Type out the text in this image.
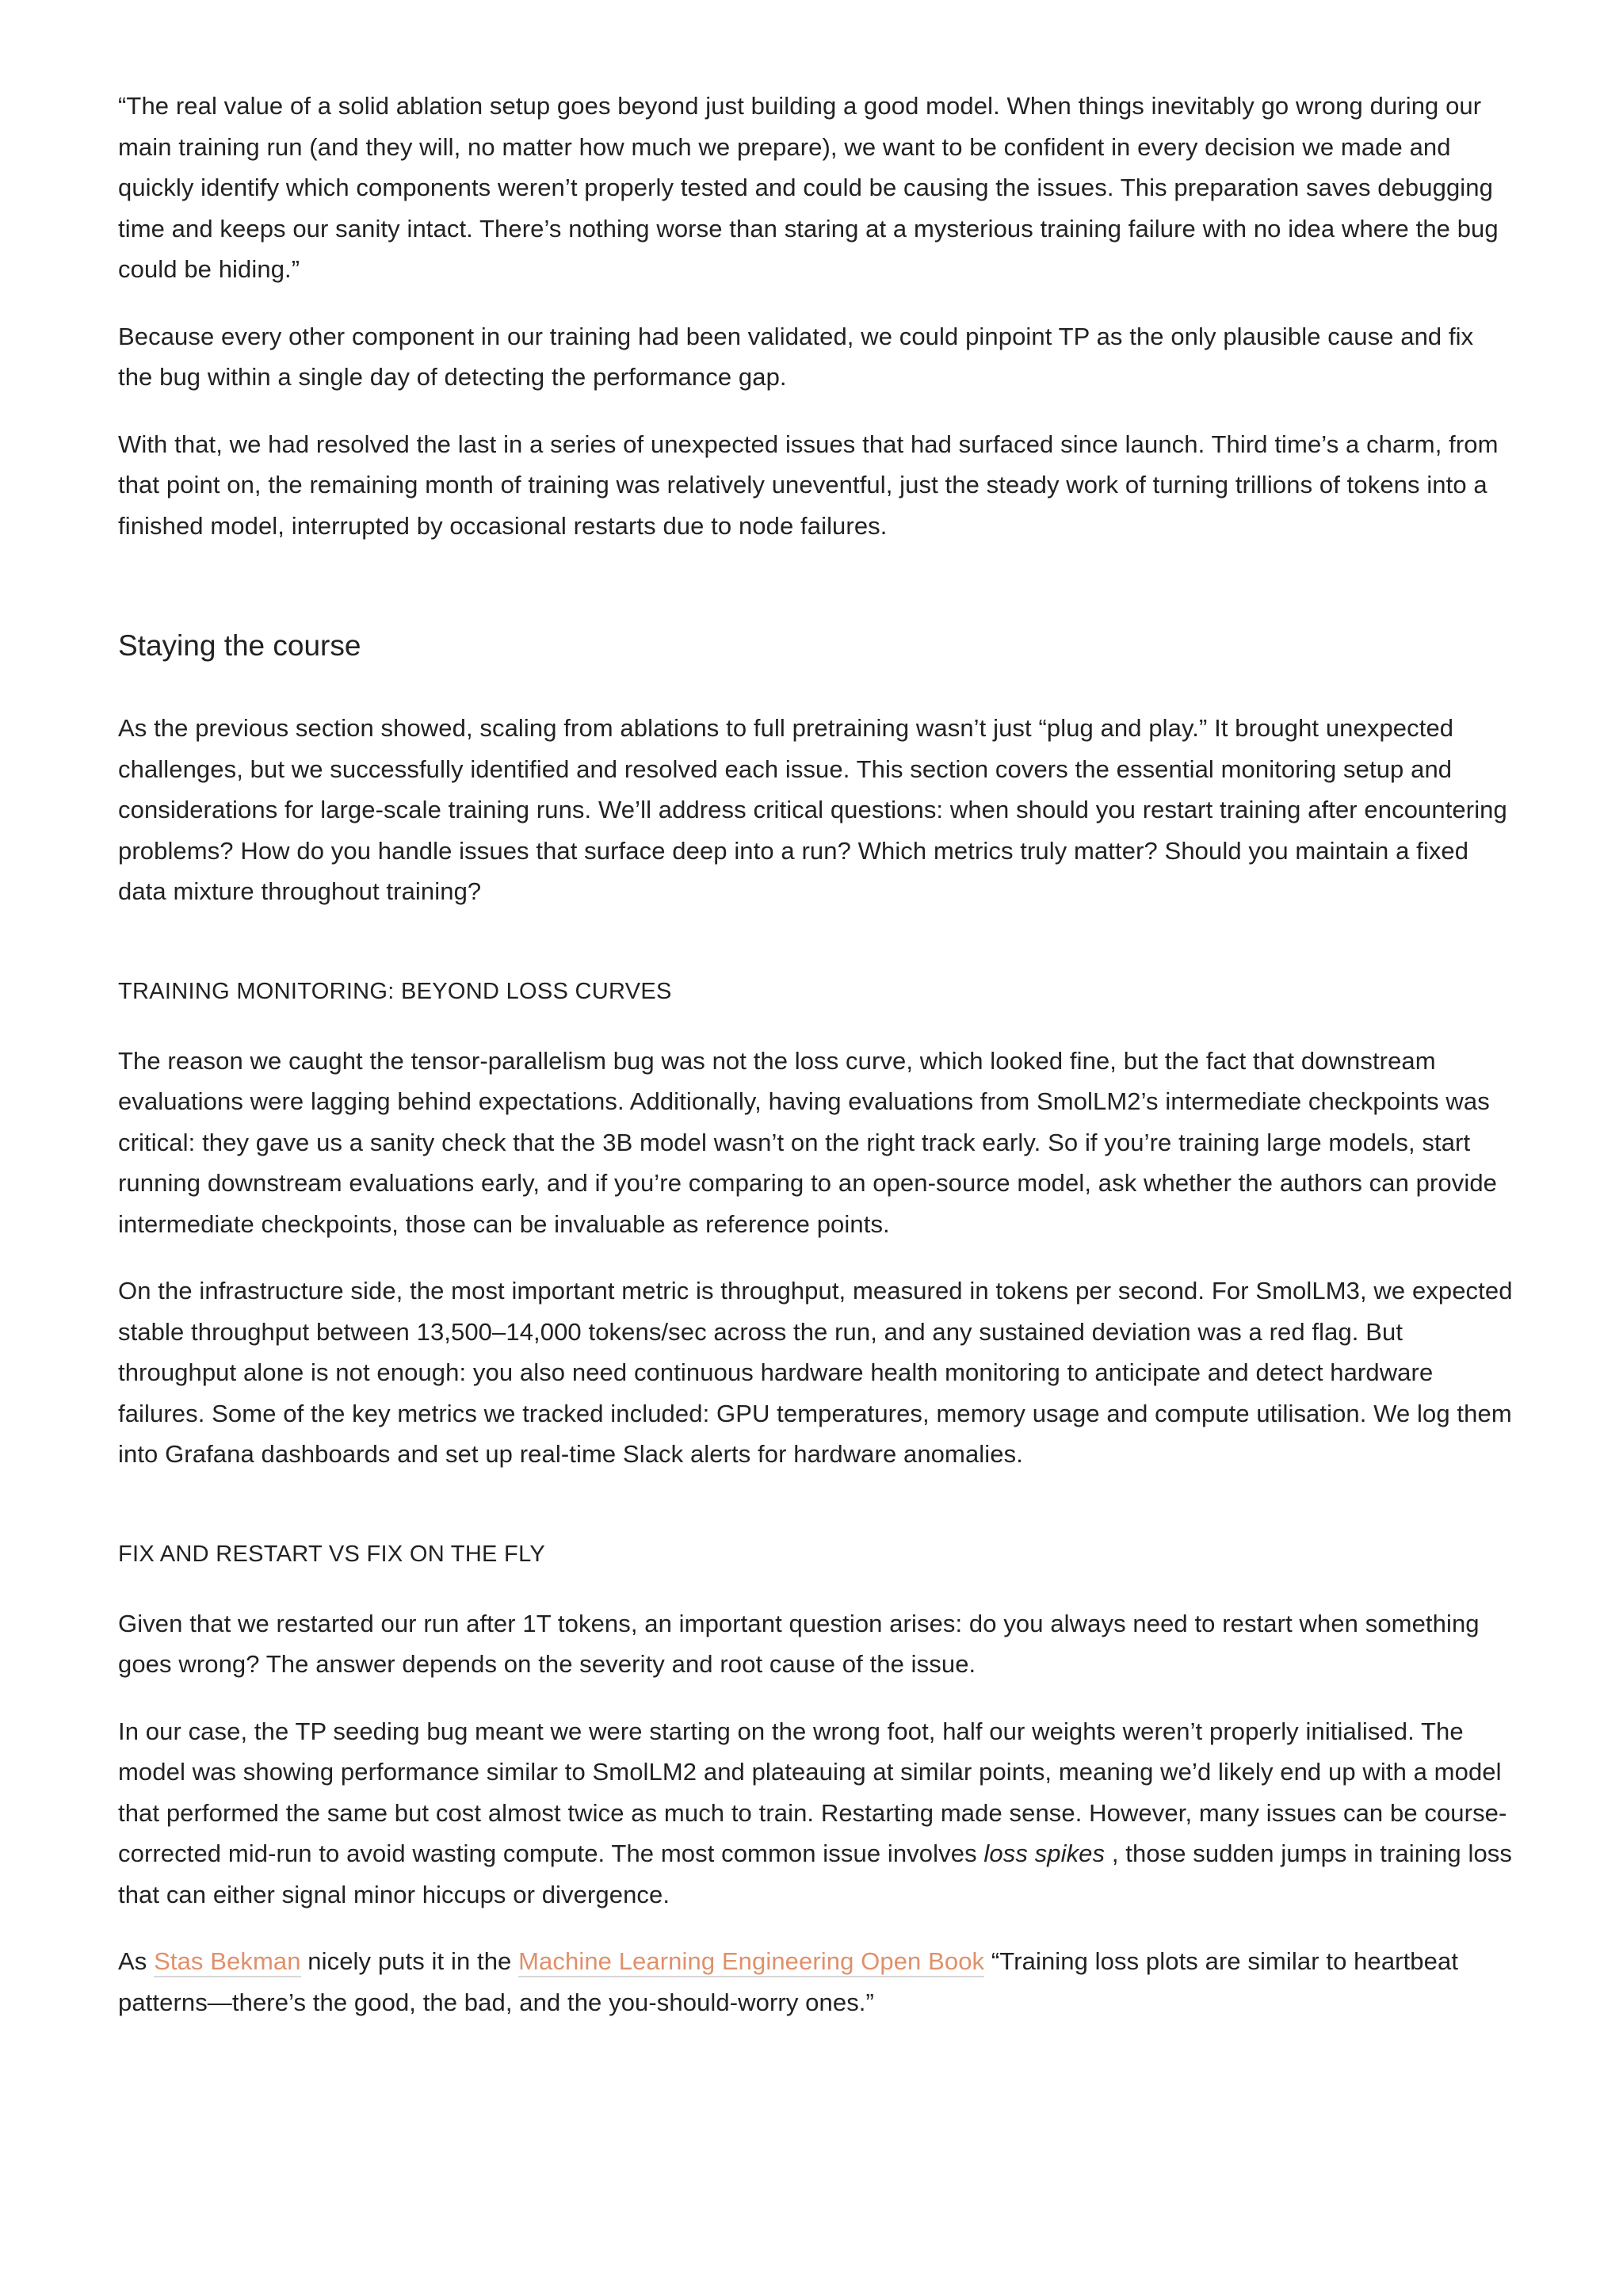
“The real value of a solid ablation setup goes beyond just building a good model. When things inevitably go wrong during our main training run (and they will, no matter how much we prepare), we want to be confident in every decision we made and quickly identify which components weren’t properly tested and could be causing the issues. This preparation saves debugging time and keeps our sanity intact. There’s nothing worse than staring at a mysterious training failure with no idea where the bug could be hiding.”

Because every other component in our training had been validated, we could pinpoint TP as the only plausible cause and fix the bug within a single day of detecting the performance gap.

With that, we had resolved the last in a series of unexpected issues that had surfaced since launch. Third time’s a charm, from that point on, the remaining month of training was relatively uneventful, just the steady work of turning trillions of tokens into a finished model, interrupted by occasional restarts due to node failures.

Staying the course

As the previous section showed, scaling from ablations to full pretraining wasn’t just “plug and play.” It brought unexpected challenges, but we successfully identified and resolved each issue. This section covers the essential monitoring setup and considerations for large-scale training runs. We’ll address critical questions: when should you restart training after encountering problems? How do you handle issues that surface deep into a run? Which metrics truly matter? Should you maintain a fixed data mixture throughout training?

TRAINING MONITORING: BEYOND LOSS CURVES

The reason we caught the tensor-parallelism bug was not the loss curve, which looked fine, but the fact that downstream evaluations were lagging behind expectations. Additionally, having evaluations from SmolLM2’s intermediate checkpoints was critical: they gave us a sanity check that the 3B model wasn’t on the right track early. So if you’re training large models, start running downstream evaluations early, and if you’re comparing to an open-source model, ask whether the authors can provide intermediate checkpoints, those can be invaluable as reference points.

On the infrastructure side, the most important metric is throughput, measured in tokens per second. For SmolLM3, we expected stable throughput between 13,500–14,000 tokens/sec across the run, and any sustained deviation was a red flag. But throughput alone is not enough: you also need continuous hardware health monitoring to anticipate and detect hardware failures. Some of the key metrics we tracked included: GPU temperatures, memory usage and compute utilisation. We log them into Grafana dashboards and set up real-time Slack alerts for hardware anomalies.

FIX AND RESTART VS FIX ON THE FLY

Given that we restarted our run after 1T tokens, an important question arises: do you always need to restart when something goes wrong? The answer depends on the severity and root cause of the issue.

In our case, the TP seeding bug meant we were starting on the wrong foot, half our weights weren’t properly initialised. The model was showing performance similar to SmolLM2 and plateauing at similar points, meaning we’d likely end up with a model that performed the same but cost almost twice as much to train. Restarting made sense. However, many issues can be course-corrected mid-run to avoid wasting compute. The most common issue involves loss spikes , those sudden jumps in training loss that can either signal minor hiccups or divergence.

As Stas Bekman nicely puts it in the Machine Learning Engineering Open Book “Training loss plots are similar to heartbeat patterns—there’s the good, the bad, and the you-should-worry ones.”
